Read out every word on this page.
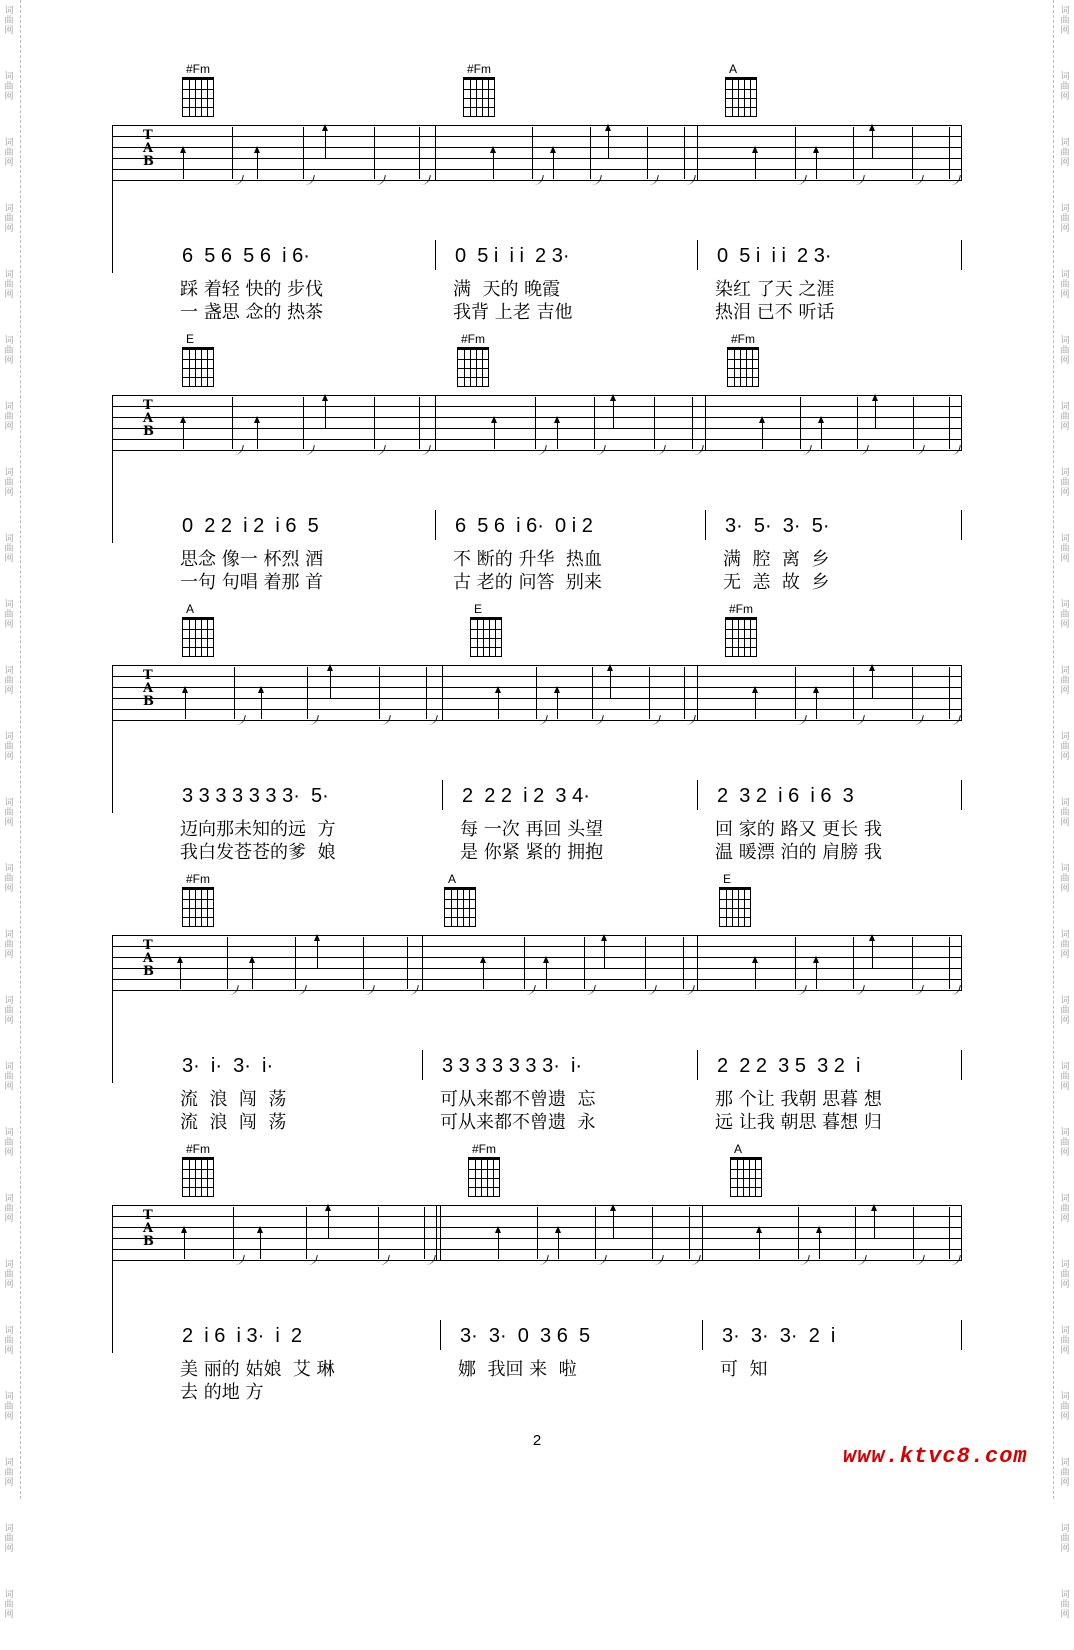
词
曲
网
词
曲
网
词
曲
网
词
曲
网
词
曲
网
词
曲
网
词
曲
网
词
曲
网
词
曲
网
词
曲
网
词
曲
网
词
曲
网
词
曲
网
词
曲
网
词
曲
网
词
曲
网
词
曲
网
词
曲
网
词
曲
网
词
曲
网
词
曲
网
词
曲
网
词
曲
网
词
曲
网
词
曲
网
词
曲
网
词
曲
网
词
曲
网
词
曲
网
词
曲
网
词
曲
网
词
曲
网
词
曲
网
词
曲
网
词
曲
网
词
曲
网
词
曲
网
词
曲
网
词
曲
网
词
曲
网
词
曲
网
词
曲
网
词
曲
网
词
曲
网
词
曲
网
词
曲
网
词
曲
网
词
曲
网
词
曲
网
词
曲
网
#Fm	#Fm	A
T
A
B
6  5 6  5 6  i 6·	0  5 i  i i  2 3·	0  5 i  i i  2 3·
踩 着轻 快的 步伐	满  天的 晚霞	染红 了天 之涯
一 盏思 念的 热茶	我背 上老 吉他	热泪 已不 听话
E	#Fm	#Fm
T
A
B
0  2 2  i 2  i 6  5	6  5 6  i 6·  0 i 2	3·  5·  3·  5·
思念 像一 杯烈 酒	不 断的 升华  热血	满  腔  离  乡
一句 句唱 着那 首	古 老的 问答  别来	无  恙  故  乡
A	E	#Fm
T
A
B
3 3 3 3 3 3 3·  5·	2  2 2  i 2  3 4·	2  3 2  i 6  i 6  3
迈向那未知的远  方	每 一次 再回 头望	回 家的 路又 更长 我
我白发苍苍的爹  娘	是 你紧 紧的 拥抱	温 暖漂 泊的 肩膀 我
#Fm	A	E
T
A
B
3·  i·  3·  i·	3 3 3 3 3 3 3·  i·	2  2 2  3 5  3 2  i
流  浪  闯  荡	可从来都不曾遗  忘	那 个让 我朝 思暮 想
流  浪  闯  荡	可从来都不曾遗  永	远 让我 朝思 暮想 归
#Fm	#Fm	A
T
A
B
2  i 6  i 3·  i  2	3·  3·  0  3 6  5	3·  3·  3·  2  i
美 丽的 姑娘  艾 琳	娜  我回 来  啦	可  知
去 的地 方
2
www.ktvc8.com
